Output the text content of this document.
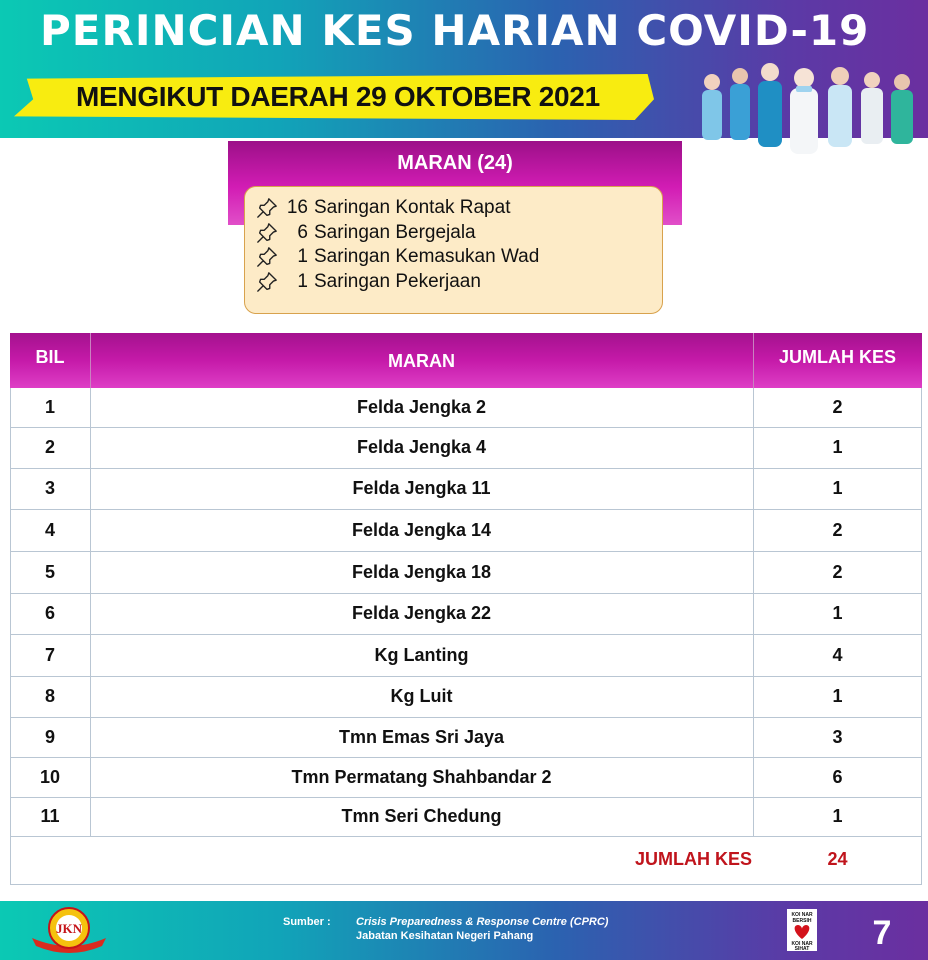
PERINCIAN KES HARIAN COVID-19
MENGIKUT DAERAH 29 OKTOBER 2021
MARAN (24)
16 Saringan Kontak Rapat
6 Saringan Bergejala
1 Saringan Kemasukan Wad
1 Saringan Pekerjaan
BIL	MARAN	JUMLAH KES
1	Felda Jengka 2	2
2	Felda Jengka 4	1
3	Felda Jengka 11	1
4	Felda Jengka 14	2
5	Felda Jengka 18	2
6	Felda Jengka 22	1
7	Kg Lanting	4
8	Kg Luit	1
9	Tmn Emas Sri Jaya	3
10	Tmn Permatang Shahbandar 2	6
11	Tmn Seri Chedung	1
JUMLAH KES	24
JKN	Sumber : Crisis Preparedness & Response Centre (CPRC)
Jabatan Kesihatan Negeri Pahang
KOI NAR
BERSIH
KOI NAR
SIHAT	7
